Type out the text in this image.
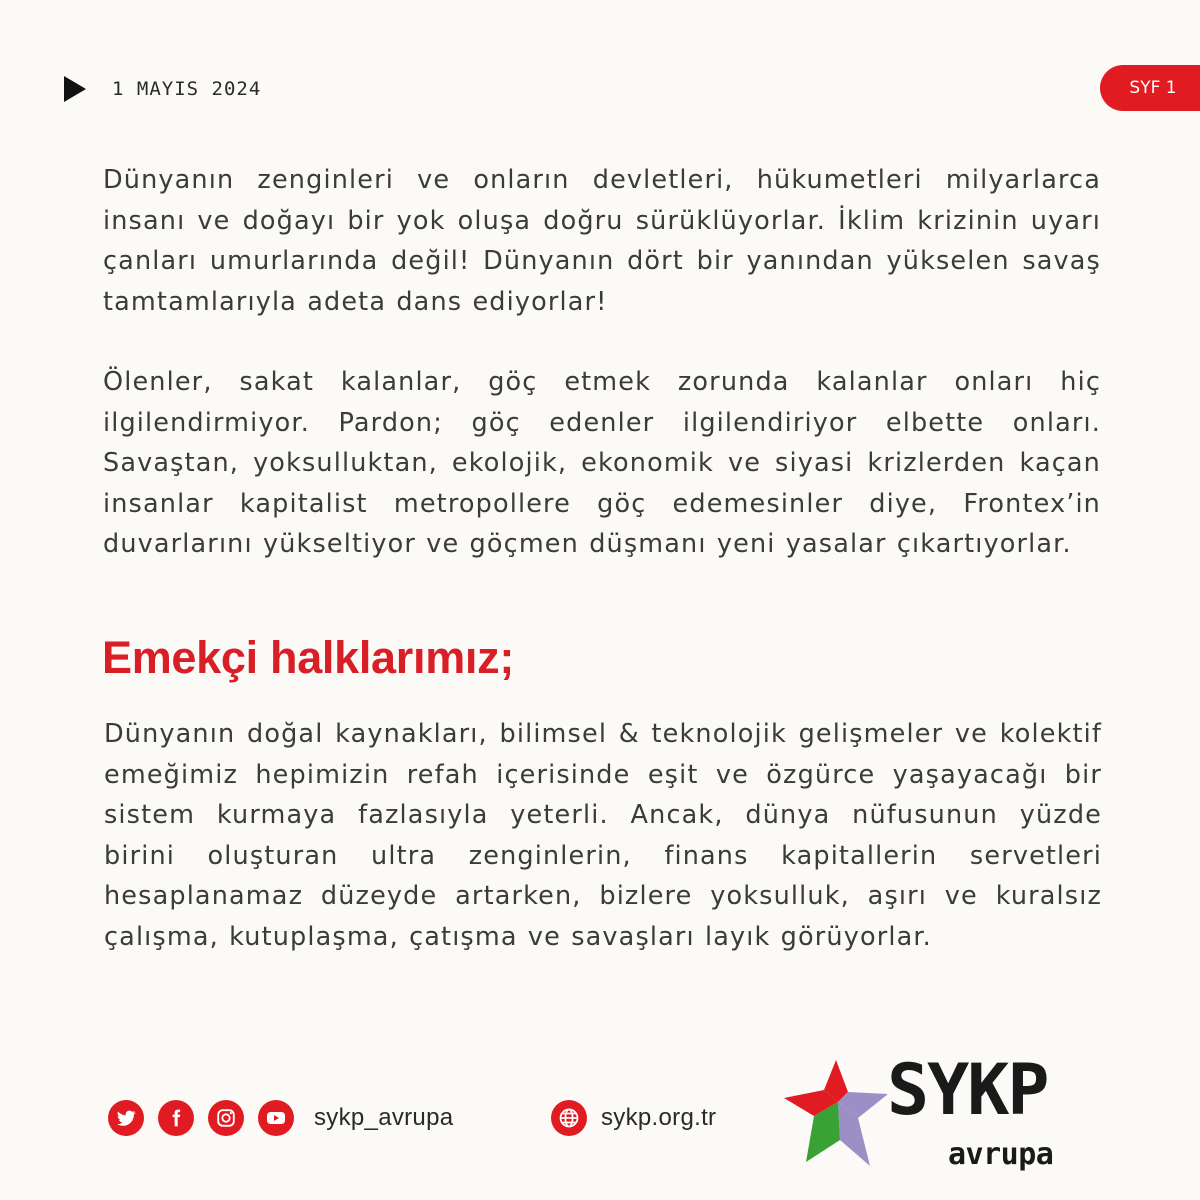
1 MAYIS 2024	SYF 1

Dünyanın zenginleri ve onların devletleri, hükumetleri milyarlarca insanı ve doğayı bir yok oluşa doğru sürüklüyorlar. İklim krizinin uyarı çanları umurlarında değil! Dünyanın dört bir yanından yükselen savaş tamtamlarıyla adeta dans ediyorlar!

Ölenler, sakat kalanlar, göç etmek zorunda kalanlar onları hiç ilgilendirmiyor. Pardon; göç edenler ilgilendiriyor elbette onları. Savaştan, yoksulluktan, ekolojik, ekonomik ve siyasi krizlerden kaçan insanlar kapitalist metropollere göç edemesinler diye, Frontex’in duvarlarını yükseltiyor ve göçmen düşmanı yeni yasalar çıkartıyorlar.

Emekçi halklarımız;

Dünyanın doğal kaynakları, bilimsel & teknolojik gelişmeler ve kolektif emeğimiz hepimizin refah içerisinde eşit ve özgürce yaşayacağı bir sistem kurmaya fazlasıyla yeterli. Ancak, dünya nüfusunun yüzde birini oluşturan ultra zenginlerin, finans kapitallerin servetleri hesaplanamaz düzeyde artarken, bizlere yoksulluk, aşırı ve kuralsız çalışma, kutuplaşma, çatışma ve savaşları layık görüyorlar.

sykp_avrupa	sykp.org.tr SYKP
avrupa
